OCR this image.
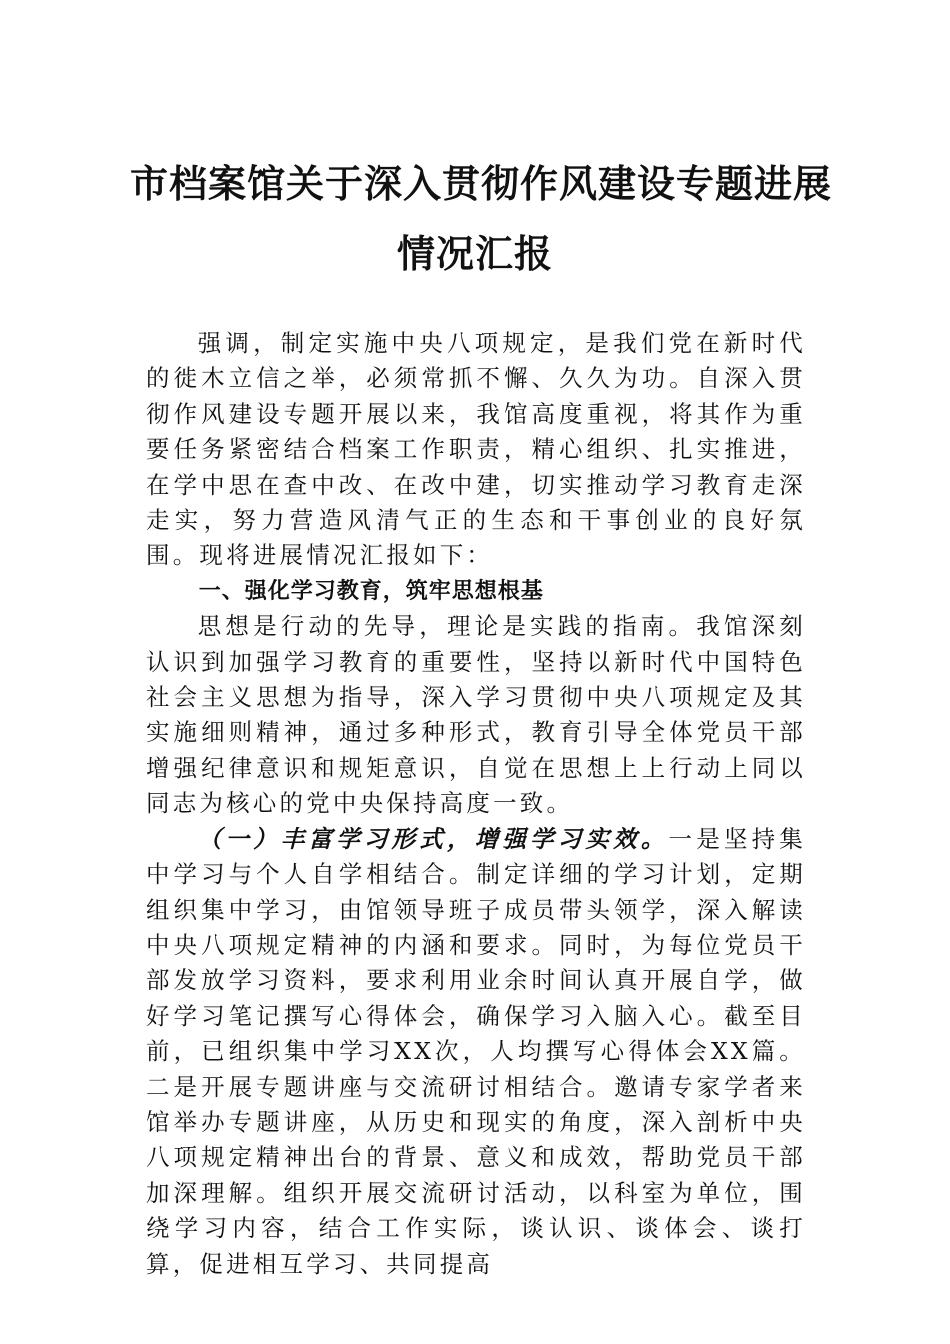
市档案馆关于深入贯彻作风建设专题进展
情况汇报

强调，制定实施中央八项规定，是我们党在新时代的徙木立信之举，必须常抓不懈、久久为功。自深入贯彻作风建设专题开展以来，我馆高度重视，将其作为重要任务紧密结合档案工作职责，精心组织、扎实推进，在学中思在查中改、在改中建，切实推动学习教育走深走实，努力营造风清气正的生态和干事创业的良好氛围。现将进展情况汇报如下：

一、强化学习教育，筑牢思想根基

思想是行动的先导，理论是实践的指南。我馆深刻认识到加强学习教育的重要性，坚持以新时代中国特色社会主义思想为指导，深入学习贯彻中央八项规定及其实施细则精神，通过多种形式，教育引导全体党员干部增强纪律意识和规矩意识，自觉在思想上上行动上同以同志为核心的党中央保持高度一致。

（一）丰富学习形式，增强学习实效。一是坚持集中学习与个人自学相结合。制定详细的学习计划，定期组织集中学习，由馆领导班子成员带头领学，深入解读中央八项规定精神的内涵和要求。同时，为每位党员干部发放学习资料，要求利用业余时间认真开展自学，做好学习笔记撰写心得体会，确保学习入脑入心。截至目前，已组织集中学习XX次，人均撰写心得体会XX篇。二是开展专题讲座与交流研讨相结合。邀请专家学者来馆举办专题讲座，从历史和现实的角度，深入剖析中央八项规定精神出台的背景、意义和成效，帮助党员干部加深理解。组织开展交流研讨活动，以科室为单位，围绕学习内容，结合工作实际，谈认识、谈体会、谈打算，促进相互学习、共同提高
